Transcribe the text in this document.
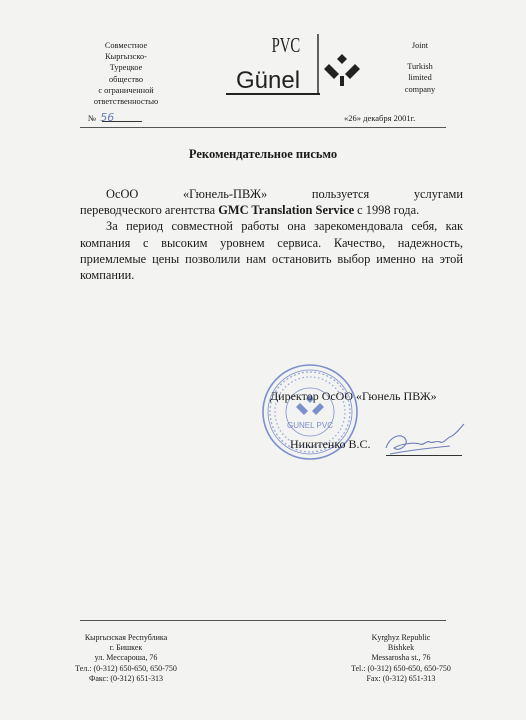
Совместное
Кыргызско-
Турецкое
общество
с ограниченной
ответственностью
PVC
Günel
Joint
Turkish
limited
company
№ 56	«26» декабря 2001г.
Рекомендательное письмо
ОсОО	«Гюнель-ПВЖ»	пользуется	услугами

переводческого агентства GMC Translation Service с 1998 года.

За период совместной работы она зарекомендовала себя, как компания с высоким уровнем сервиса. Качество, надежность, приемлемые цены позволили нам остановить выбор именно на этой компании.

GUNEL PVC
Директор ОсОО «Гюнель ПВЖ»
Никитенко В.С.
Кыргызская Республика
г. Бишкек
ул. Мессароша, 76
Тел.: (0-312) 650-650, 650-750
Факс: (0-312) 651-313
Kyrghyz Republic
Bishkek
Messarosha st., 76
Tel.: (0-312) 650-650, 650-750
Fax: (0-312) 651-313
